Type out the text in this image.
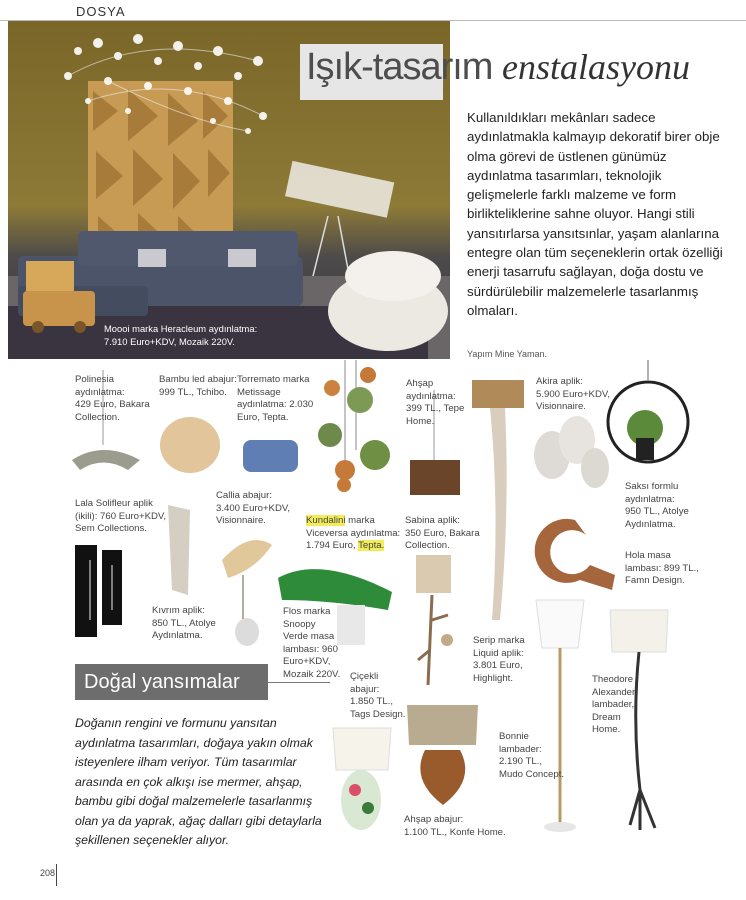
DOSYA
Moooi marka Heracleum aydınlatma:
7.910 Euro+KDV, Mozaik 220V.
Işık-tasarım enstalasyonu
Kullanıldıkları mekânları sadece aydınlatmakla kalmayıp dekoratif birer obje olma görevi de üstlenen günümüz aydınlatma tasarımları, teknolojik gelişmelerle farklı malzeme ve form birlikteliklerine sahne oluyor. Hangi stili yansıtırlarsa yansıtsınlar, yaşam alanlarına entegre olan tüm seçeneklerin ortak özelliği enerji tasarrufu sağlayan, doğa dostu ve sürdürülebilir malzemelerle tasarlanmış olmaları.
Yapım Mine Yaman.
Polinesia
aydınlatma:
429 Euro, Bakara
Collection.
Bambu led abajur:
999 TL., Tchibo.
Torremato marka
Metissage
aydınlatma: 2.030
Euro, Tepta.
Ahşap
aydınlatma:
399 TL., Tepe
Home.
Akira aplik:
5.900 Euro+KDV,
Visionnaire.
Saksı formlu
aydınlatma:
950 TL., Atolye
Aydınlatma.
Lala Solifleur aplik
(ikili): 760 Euro+KDV,
Sem Collections.
Callia abajur:
3.400 Euro+KDV,
Visionnaire.	Kundalini marka
Viceversa aydınlatma:
1.794 Euro, Tepta.
Sabina aplik:
350 Euro, Bakara
Collection.
Hola masa
lambası: 899 TL.,
Famn Design.
Kıvrım aplik:
850 TL., Atolye
Aydınlatma.
Flos marka
Snoopy
Verde masa
lambası: 960
Euro+KDV,
Mozaik 220V.
Serip marka
Liquid aplik:
3.801 Euro,
Highlight.	Theodore
Alexander
lambader,
Dream
Home.
Çiçekli
abajur:
1.850 TL.,
Tags Design.
Bonnie
lambader:
2.190 TL.,
Mudo Concept.
Ahşap abajur:
1.100 TL., Konfe Home.
Doğal yansımalar
Doğanın rengini ve formunu yansıtan aydınlatma tasarımları, doğaya yakın olmak isteyenlere ilham veriyor. Tüm tasarımlar arasında en çok alkışı ise mermer, ahşap, bambu gibi doğal malzemelerle tasarlanmış olan ya da yaprak, ağaç dalları gibi detaylarla şekillenen seçenekler alıyor.
208
